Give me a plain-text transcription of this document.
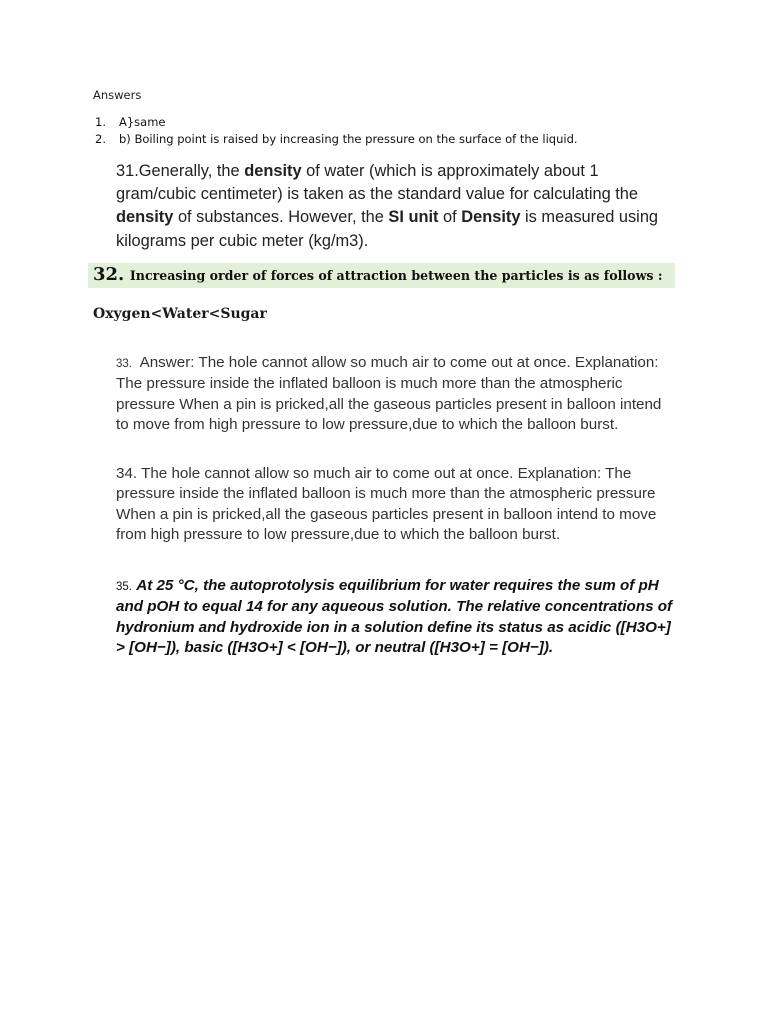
Answers
1. A}same
2. b) Boiling point is raised by increasing the pressure on the surface of the liquid.
31.Generally, the density of water (which is approximately about 1 gram/cubic centimeter) is taken as the standard value for calculating the density of substances. However, the SI unit of Density is measured using kilograms per cubic meter (kg/m3).
32. Increasing order of forces of attraction between the particles is as follows :
Oxygen<Water<Sugar
33. Answer: The hole cannot allow so much air to come out at once. Explanation: The pressure inside the inflated balloon is much more than the atmospheric pressure When a pin is pricked,all the gaseous particles present in balloon intend to move from high pressure to low pressure,due to which the balloon burst.
34. The hole cannot allow so much air to come out at once. Explanation: The pressure inside the inflated balloon is much more than the atmospheric pressure When a pin is pricked,all the gaseous particles present in balloon intend to move from high pressure to low pressure,due to which the balloon burst.
35. At 25 °C, the autoprotolysis equilibrium for water requires the sum of pH and pOH to equal 14 for any aqueous solution. The relative concentrations of hydronium and hydroxide ion in a solution define its status as acidic ([H3O+] > [OH−]), basic ([H3O+] < [OH−]), or neutral ([H3O+] = [OH−]).
